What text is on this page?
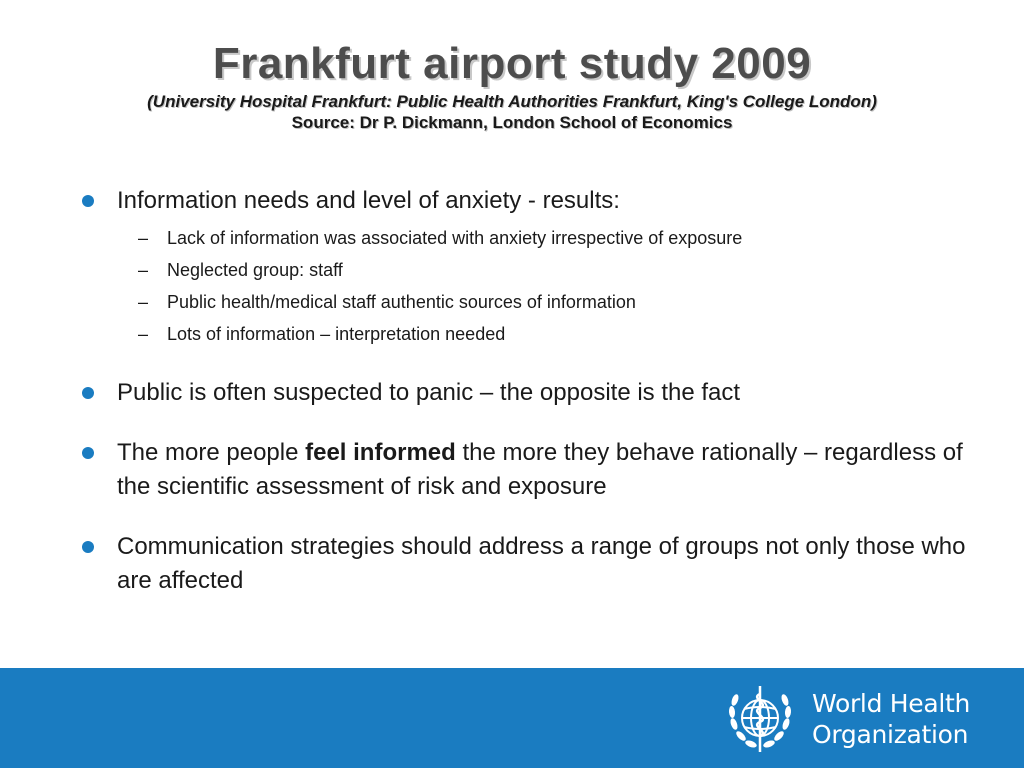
Frankfurt airport study 2009
(University Hospital Frankfurt: Public Health Authorities Frankfurt, King's College London)
Source: Dr P. Dickmann, London School of Economics
Information needs and level of anxiety - results:
– Lack of information was associated with anxiety irrespective of exposure
– Neglected group: staff
– Public health/medical staff authentic sources of information
– Lots of information – interpretation needed
Public is often suspected to panic – the opposite is the fact
The more people feel informed the more they behave rationally – regardless of the scientific assessment of risk and exposure
Communication strategies should address a range of groups not only those who are affected
World Health
Organization
